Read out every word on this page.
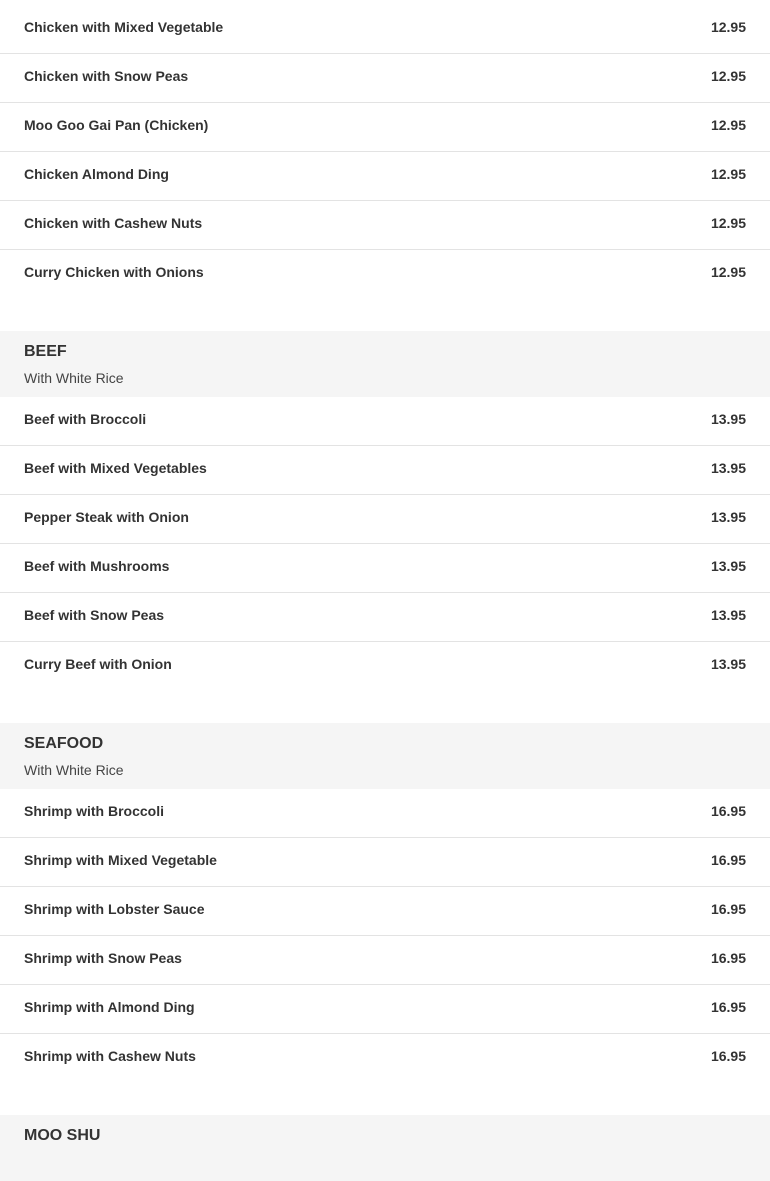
Chicken with Mixed Vegetable	12.95
Chicken with Snow Peas	12.95
Moo Goo Gai Pan (Chicken)	12.95
Chicken Almond Ding	12.95
Chicken with Cashew Nuts	12.95
Curry Chicken with Onions	12.95
BEEF
With White Rice
Beef with Broccoli	13.95
Beef with Mixed Vegetables	13.95
Pepper Steak with Onion	13.95
Beef with Mushrooms	13.95
Beef with Snow Peas	13.95
Curry Beef with Onion	13.95
SEAFOOD
With White Rice
Shrimp with Broccoli	16.95
Shrimp with Mixed Vegetable	16.95
Shrimp with Lobster Sauce	16.95
Shrimp with Snow Peas	16.95
Shrimp with Almond Ding	16.95
Shrimp with Cashew Nuts	16.95
MOO SHU
